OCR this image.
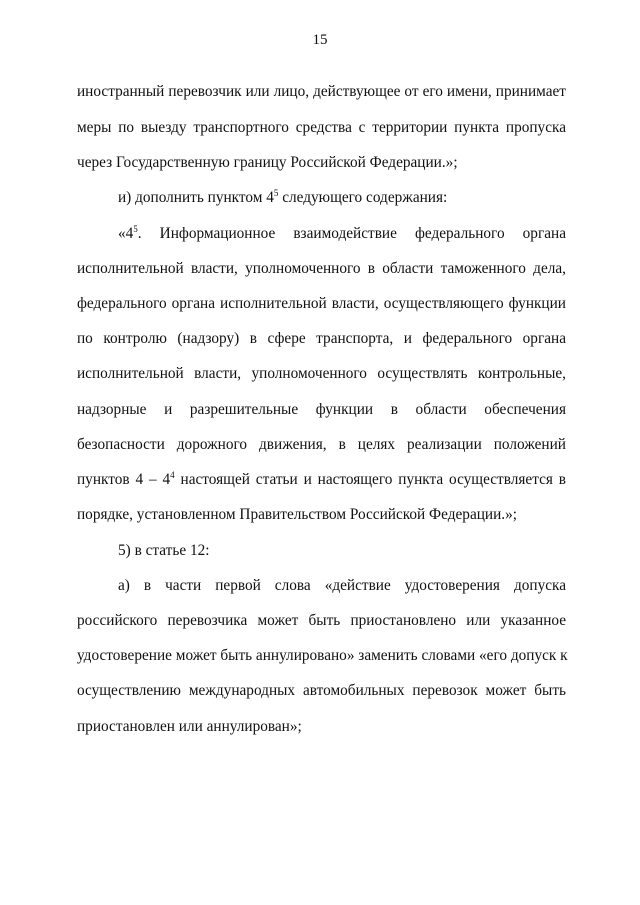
15
иностранный перевозчик или лицо, действующее от его имени, принимает
меры по выезду транспортного средства с территории пункта пропуска
через Государственную границу Российской Федерации.»;
и) дополнить пунктом $4^5$ следующего содержания:
«$4^5$. Информационное взаимодействие федерального органа
исполнительной власти, уполномоченного в области таможенного дела,
федерального органа исполнительной власти, осуществляющего функции
по контролю (надзору) в сфере транспорта, и федерального органа
исполнительной власти, уполномоченного осуществлять контрольные,
надзорные и разрешительные функции в области обеспечения
безопасности дорожного движения, в целях реализации положений
пунктов $4 - 4^4$ настоящей статьи и настоящего пункта осуществляется в
порядке, установленном Правительством Российской Федерации.»;
5) в статье 12:
а) в части первой слова «действие удостоверения допуска
российского перевозчика может быть приостановлено или указанное
удостоверение может быть аннулировано» заменить словами «его допуск к
осуществлению международных автомобильных перевозок может быть
приостановлен или аннулирован»;
